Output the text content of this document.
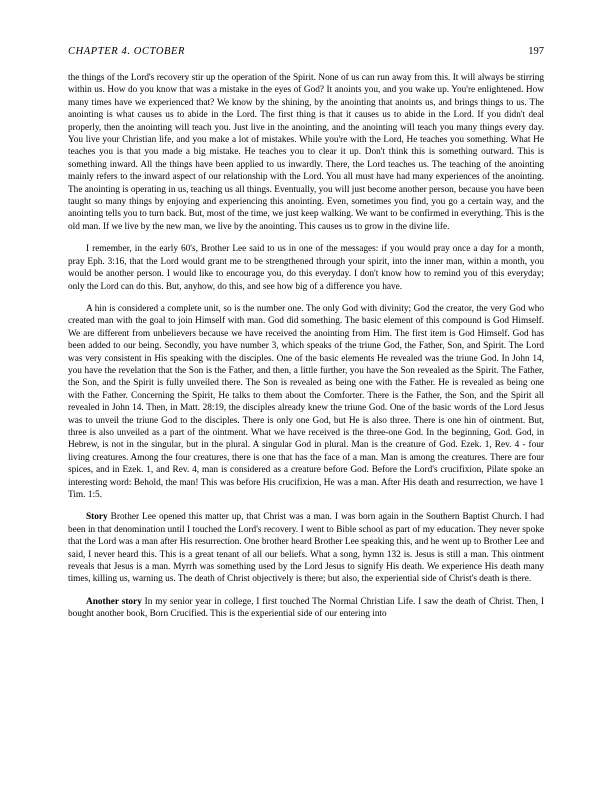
CHAPTER 4. OCTOBER	197

the things of the Lord's recovery stir up the operation of the Spirit. None of us can run away from this. It will always be stirring within us. How do you know that was a mistake in the eyes of God? It anoints you, and you wake up. You're enlightened. How many times have we experienced that? We know by the shining, by the anointing that anoints us, and brings things to us. The anointing is what causes us to abide in the Lord. The first thing is that it causes us to abide in the Lord. If you didn't deal properly, then the anointing will teach you. Just live in the anointing, and the anointing will teach you many things every day. You live your Christian life, and you make a lot of mistakes. While you're with the Lord, He teaches you something. What He teaches you is that you made a big mistake. He teaches you to clear it up. Don't think this is something outward. This is something inward. All the things have been applied to us inwardly. There, the Lord teaches us. The teaching of the anointing mainly refers to the inward aspect of our relationship with the Lord. You all must have had many experiences of the anointing. The anointing is operating in us, teaching us all things. Eventually, you will just become another person, because you have been taught so many things by enjoying and experiencing this anointing. Even, sometimes you find, you go a certain way, and the anointing tells you to turn back. But, most of the time, we just keep walking. We want to be confirmed in everything. This is the old man. If we live by the new man, we live by the anointing. This causes us to grow in the divine life.

I remember, in the early 60's, Brother Lee said to us in one of the messages: if you would pray once a day for a month, pray Eph. 3:16, that the Lord would grant me to be strengthened through your spirit, into the inner man, within a month, you would be another person. I would like to encourage you, do this everyday. I don't know how to remind you of this everyday; only the Lord can do this. But, anyhow, do this, and see how big of a difference you have.

A hin is considered a complete unit, so is the number one. The only God with divinity; God the creator, the very God who created man with the goal to join Himself with man. God did something. The basic element of this compound is God Himself. We are different from unbelievers because we have received the anointing from Him. The first item is God Himself. God has been added to our being. Secondly, you have number 3, which speaks of the triune God, the Father, Son, and Spirit. The Lord was very consistent in His speaking with the disciples. One of the basic elements He revealed was the triune God. In John 14, you have the revelation that the Son is the Father, and then, a little further, you have the Son revealed as the Spirit. The Father, the Son, and the Spirit is fully unveiled there. The Son is revealed as being one with the Father. He is revealed as being one with the Father. Concerning the Spirit, He talks to them about the Comforter. There is the Father, the Son, and the Spirit all revealed in John 14. Then, in Matt. 28:19, the disciples already knew the triune God. One of the basic words of the Lord Jesus was to unveil the triune God to the disciples. There is only one God, but He is also three. There is one hin of ointment. But, three is also unveiled as a part of the ointment. What we have received is the three-one God. In the beginning, God. God, in Hebrew, is not in the singular, but in the plural. A singular God in plural. Man is the creature of God. Ezek. 1, Rev. 4 - four living creatures. Among the four creatures, there is one that has the face of a man. Man is among the creatures. There are four spices, and in Ezek. 1, and Rev. 4, man is considered as a creature before God. Before the Lord's crucifixion, Pilate spoke an interesting word: Behold, the man! This was before His crucifixion, He was a man. After His death and resurrection, we have 1 Tim. 1:5.

Story Brother Lee opened this matter up, that Christ was a man. I was born again in the Southern Baptist Church. I had been in that denomination until I touched the Lord's recovery. I went to Bible school as part of my education. They never spoke that the Lord was a man after His resurrection. One brother heard Brother Lee speaking this, and he went up to Brother Lee and said, I never heard this. This is a great tenant of all our beliefs. What a song, hymn 132 is. Jesus is still a man. This ointment reveals that Jesus is a man. Myrrh was something used by the Lord Jesus to signify His death. We experience His death many times, killing us, warning us. The death of Christ objectively is there; but also, the experiential side of Christ's death is there.

Another story In my senior year in college, I first touched The Normal Christian Life. I saw the death of Christ. Then, I bought another book, Born Crucified. This is the experiential side of our entering into
